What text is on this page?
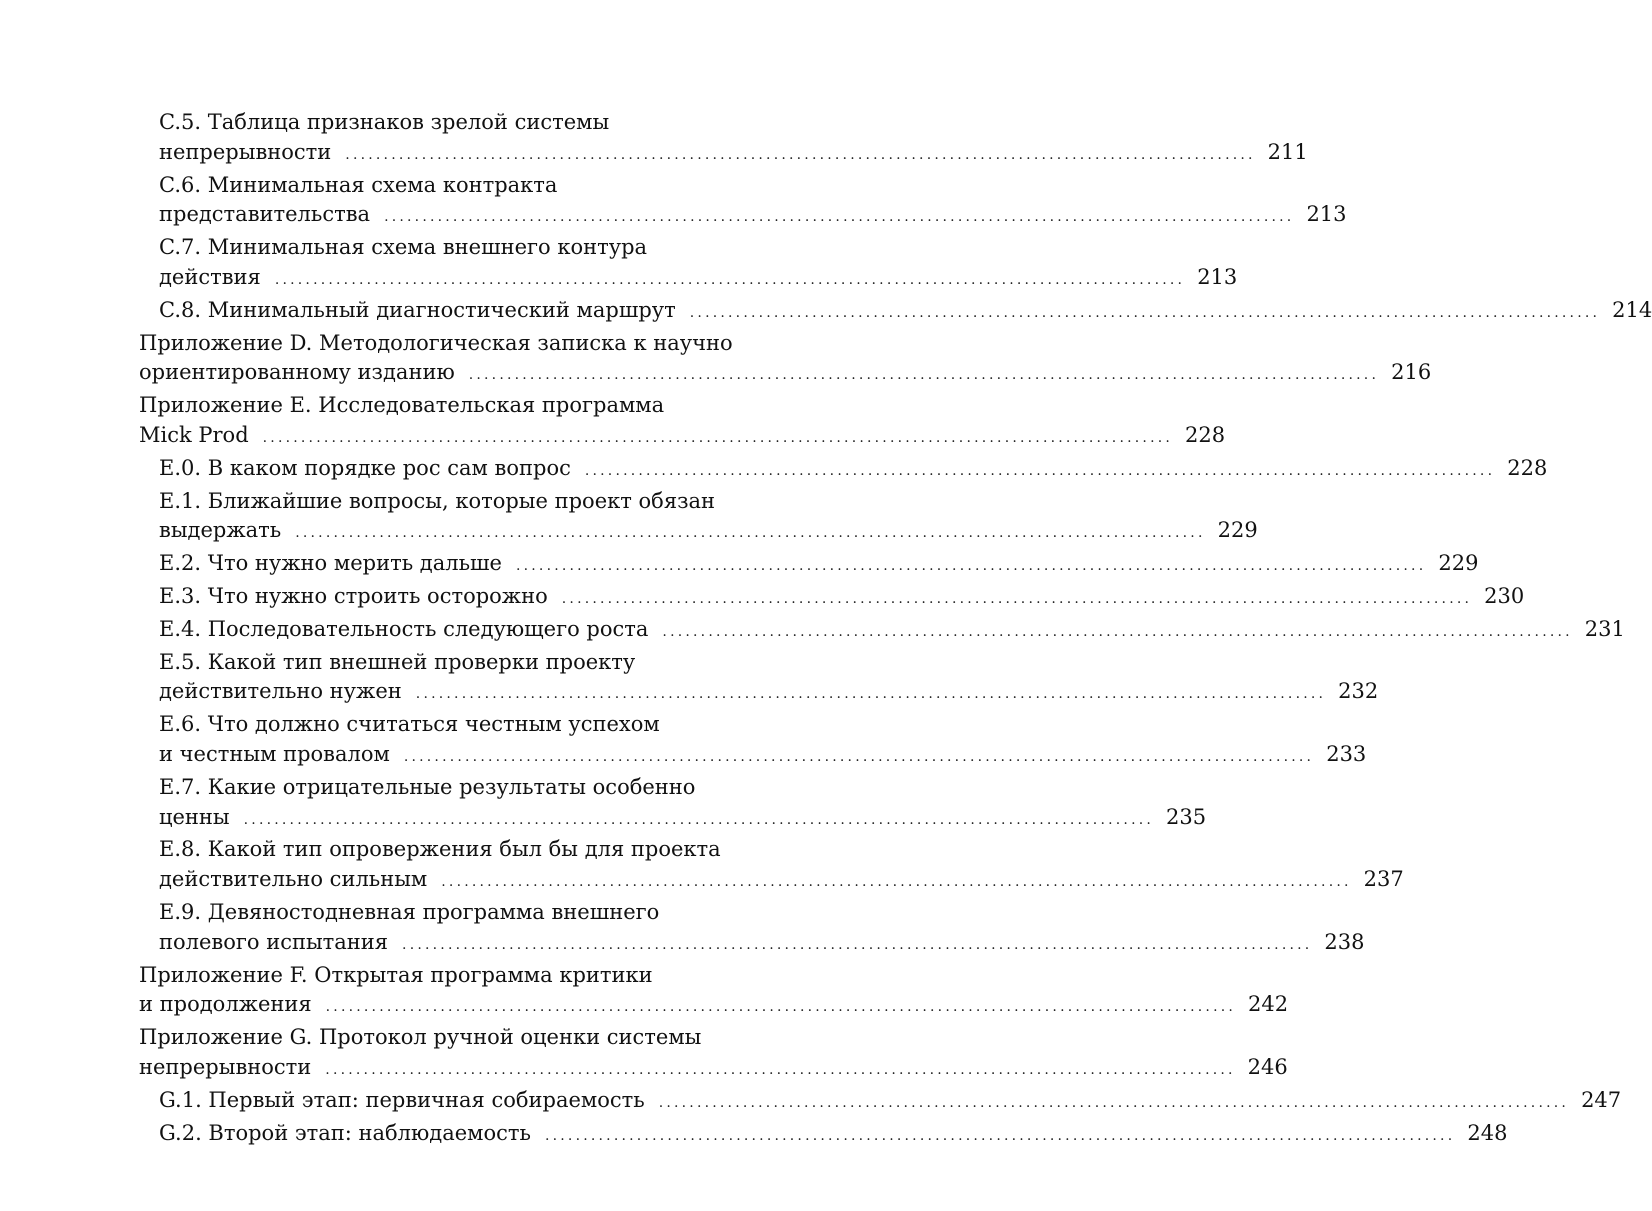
C.5. Таблица признаков зрелой системы
непрерывности ....................................................................................................................... 211
C.6. Минимальная схема контракта
представительства ....................................................................................................................... 213
C.7. Минимальная схема внешнего контура
действия ....................................................................................................................... 213
C.8. Минимальный диагностический маршрут ....................................................................................................................... 214
Приложение D. Методологическая записка к научно
ориентированному изданию ....................................................................................................................... 216
Приложение E. Исследовательская программа
Mick Prod ....................................................................................................................... 228
E.0. В каком порядке рос сам вопрос ....................................................................................................................... 228
E.1. Ближайшие вопросы, которые проект обязан
выдержать ....................................................................................................................... 229
E.2. Что нужно мерить дальше ....................................................................................................................... 229
E.3. Что нужно строить осторожно ....................................................................................................................... 230
E.4. Последовательность следующего роста ....................................................................................................................... 231
E.5. Какой тип внешней проверки проекту
действительно нужен ....................................................................................................................... 232
E.6. Что должно считаться честным успехом
и честным провалом ....................................................................................................................... 233
E.7. Какие отрицательные результаты особенно
ценны ....................................................................................................................... 235
E.8. Какой тип опровержения был бы для проекта
действительно сильным ....................................................................................................................... 237
E.9. Девяностодневная программа внешнего
полевого испытания ....................................................................................................................... 238
Приложение F. Открытая программа критики
и продолжения ....................................................................................................................... 242
Приложение G. Протокол ручной оценки системы
непрерывности ....................................................................................................................... 246
G.1. Первый этап: первичная собираемость ....................................................................................................................... 247
G.2. Второй этап: наблюдаемость ....................................................................................................................... 248
